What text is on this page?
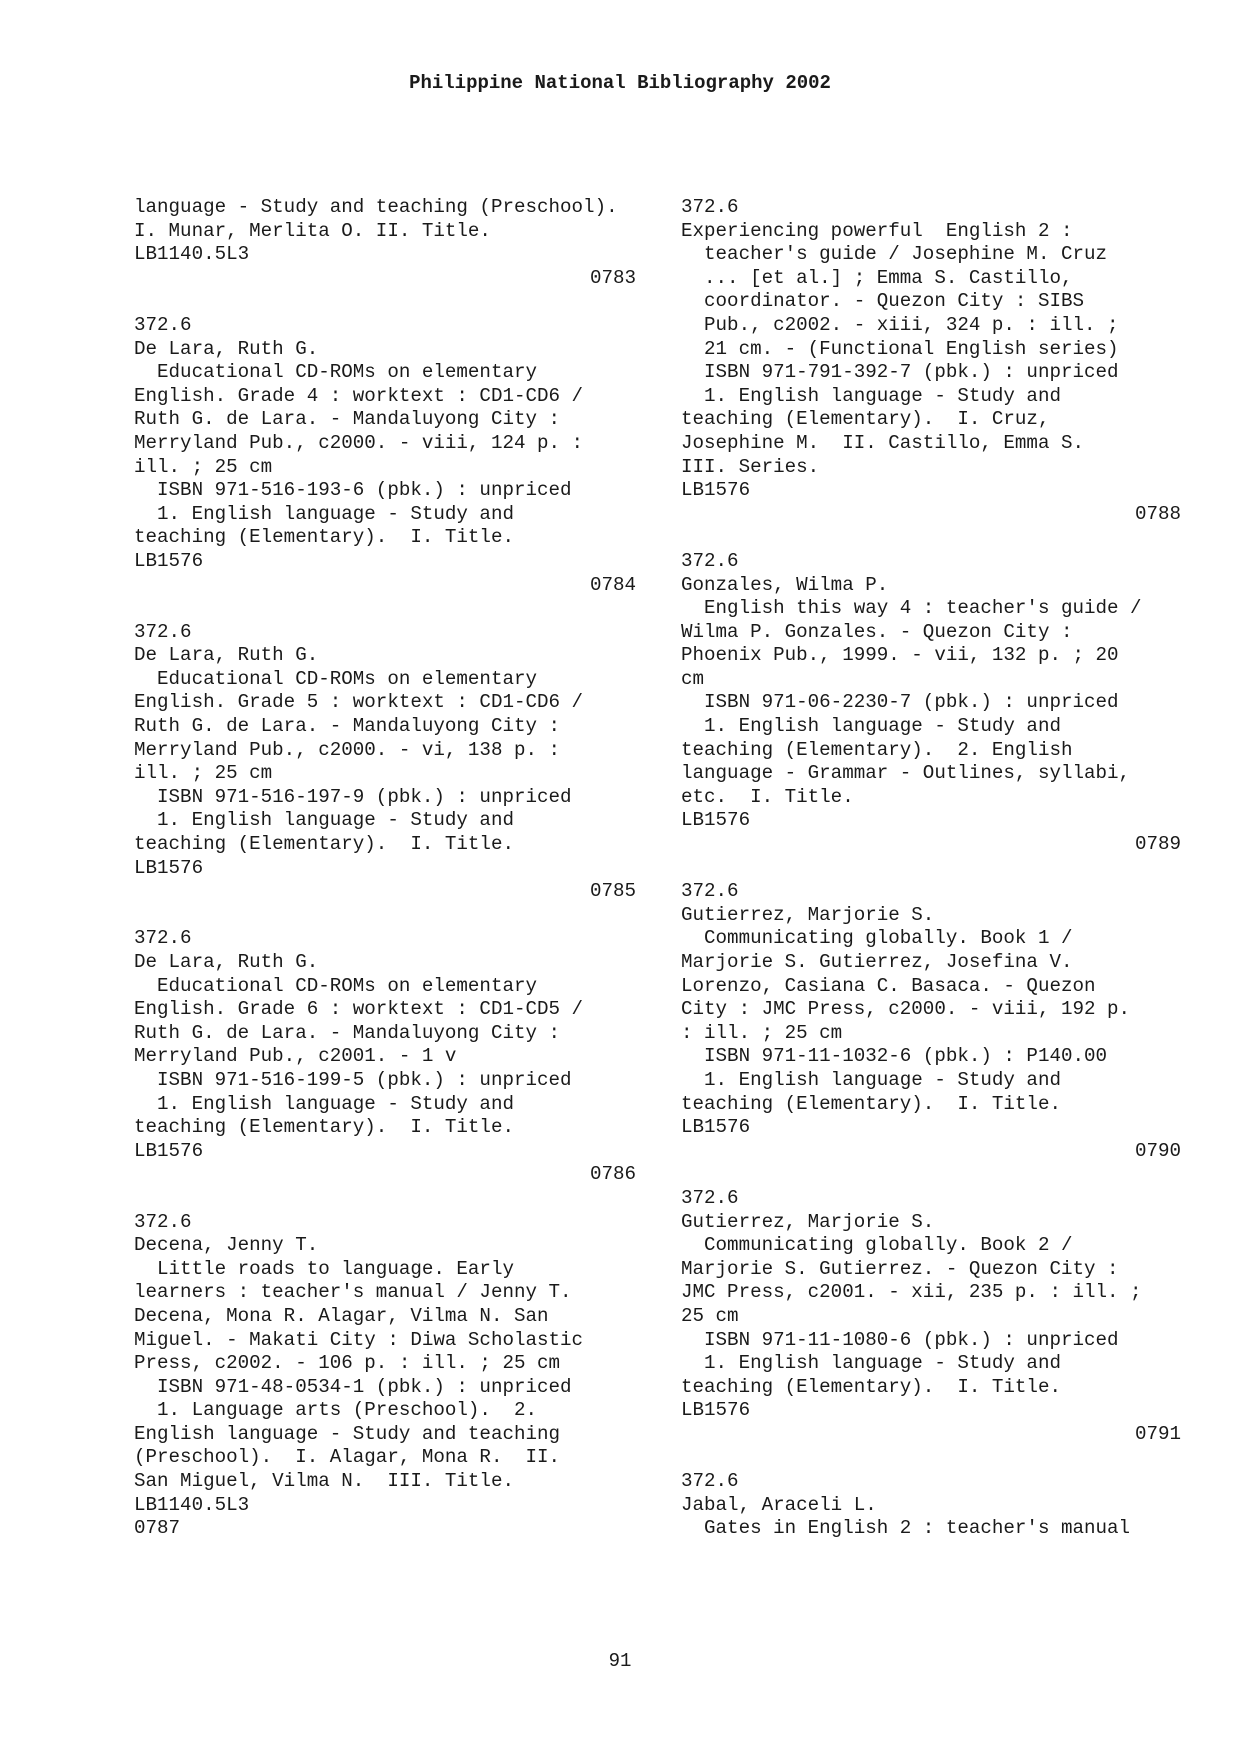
Philippine National Bibliography 2002
language - Study and teaching (Preschool).
I. Munar, Merlita O. II. Title.
LB1140.5L3
0783
372.6
De Lara, Ruth G.
Educational CD-ROMs on elementary
English. Grade 4 : worktext : CD1-CD6 /
Ruth G. de Lara. - Mandaluyong City :
Merryland Pub., c2000. - viii, 124 p. :
ill. ; 25 cm
ISBN 971-516-193-6 (pbk.) : unpriced
1. English language - Study and
teaching (Elementary).  I. Title.
LB1576
0784
372.6
De Lara, Ruth G.
Educational CD-ROMs on elementary
English. Grade 5 : worktext : CD1-CD6 /
Ruth G. de Lara. - Mandaluyong City :
Merryland Pub., c2000. - vi, 138 p. :
ill. ; 25 cm
ISBN 971-516-197-9 (pbk.) : unpriced
1. English language - Study and
teaching (Elementary).  I. Title.
LB1576
0785
372.6
De Lara, Ruth G.
Educational CD-ROMs on elementary
English. Grade 6 : worktext : CD1-CD5 /
Ruth G. de Lara. - Mandaluyong City :
Merryland Pub., c2001. - 1 v
ISBN 971-516-199-5 (pbk.) : unpriced
1. English language - Study and
teaching (Elementary).  I. Title.
LB1576
0786
372.6
Decena, Jenny T.
Little roads to language. Early
learners : teacher's manual / Jenny T.
Decena, Mona R. Alagar, Vilma N. San
Miguel. - Makati City : Diwa Scholastic
Press, c2002. - 106 p. : ill. ; 25 cm
ISBN 971-48-0534-1 (pbk.) : unpriced
1. Language arts (Preschool).  2.
English language - Study and teaching
(Preschool).  I. Alagar, Mona R.  II.
San Miguel, Vilma N.  III. Title.
LB1140.5L3
0787
372.6
Experiencing powerful  English 2 :
teacher's guide / Josephine M. Cruz
... [et al.] ; Emma S. Castillo,
coordinator. - Quezon City : SIBS
Pub., c2002. - xiii, 324 p. : ill. ;
21 cm. - (Functional English series)
ISBN 971-791-392-7 (pbk.) : unpriced
1. English language - Study and
teaching (Elementary).  I. Cruz,
Josephine M.  II. Castillo, Emma S.
III. Series.
LB1576
0788
372.6
Gonzales, Wilma P.
English this way 4 : teacher's guide /
Wilma P. Gonzales. - Quezon City :
Phoenix Pub., 1999. - vii, 132 p. ; 20
cm
ISBN 971-06-2230-7 (pbk.) : unpriced
1. English language - Study and
teaching (Elementary).  2. English
language - Grammar - Outlines, syllabi,
etc.  I. Title.
LB1576
0789
372.6
Gutierrez, Marjorie S.
Communicating globally. Book 1 /
Marjorie S. Gutierrez, Josefina V.
Lorenzo, Casiana C. Basaca. - Quezon
City : JMC Press, c2000. - viii, 192 p.
: ill. ; 25 cm
ISBN 971-11-1032-6 (pbk.) : P140.00
1. English language - Study and
teaching (Elementary).  I. Title.
LB1576
0790
372.6
Gutierrez, Marjorie S.
Communicating globally. Book 2 /
Marjorie S. Gutierrez. - Quezon City :
JMC Press, c2001. - xii, 235 p. : ill. ;
25 cm
ISBN 971-11-1080-6 (pbk.) : unpriced
1. English language - Study and
teaching (Elementary).  I. Title.
LB1576
0791
372.6
Jabal, Araceli L.
Gates in English 2 : teacher's manual
91
